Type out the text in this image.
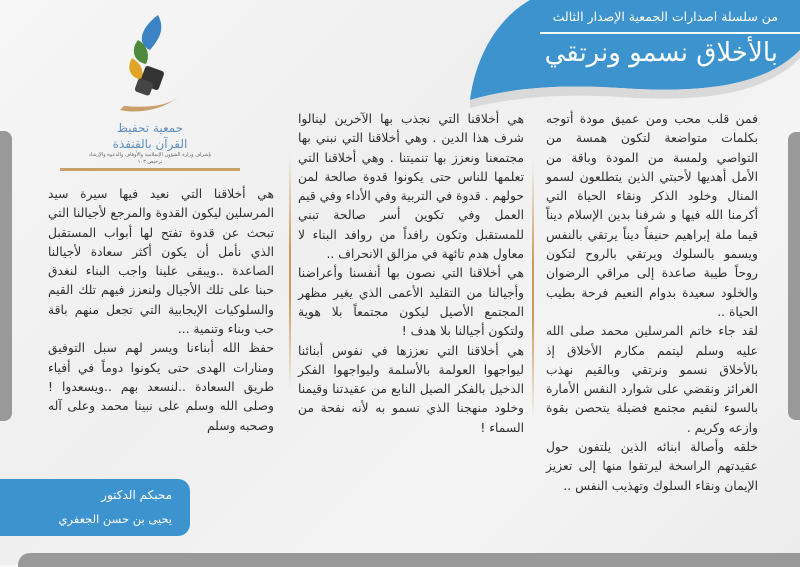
من سلسلة اصدارات الجمعية الإصدار الثالث
بالأخلاق نسمو ونرتقي
جمعية تحفيظ
القرآن بالقنفذة
بإشراف وزارة الشؤون الإسلامية والأوقاف والدعوة والإرشاد
ترخيص ١٠٣

فمن قلب محب ومن عميق مودة أتوجه بكلمات متواضعة لتكون همسة من التواصي ولمسة من المودة وباقة من الأمل أهديها لأحبتي الذين يتطلعون لسمو المنال وخلود الذكر ونقاء الحياة التي أكرمنا الله فيها و شرفنا بدين الإسلام ديناً قيما ملة إبراهيم حنيفاً ديناً يرتقي بالنفس ويسمو بالسلوك ويرتقي بالروح لتكون روحاً طيبة صاعدة إلى مراقي الرضوان والخلود سعيدة بدوام النعيم فرحة بطيب الحياة ..

لقد جاء خاتم المرسلين محمد صلى الله عليه وسلم ليتمم مكارم الأخلاق إذ بالأخلاق نسمو ونرتقي وبالقيم نهذب الغرائز ونقضي على شوارد النفس الأمارة بالسوء لنقيم مجتمع فضيلة يتحصن بقوة وازعه وكريم .

خلقه وأصالة ابنائه الذين يلتفون حول عقيدتهم الراسخة ليرتقوا منها إلى تعزيز الإيمان ونقاء السلوك وتهذيب النفس ..

هي أخلاقنا التي نجذب بها الآخرين لينالوا شرف هذا الدين . وهي أخلاقنا التي نبني بها مجتمعنا ونعزز بها تنميتنا . وهي أخلاقنا التي تعلمها للناس حتى يكونوا قدوة صالحة لمن حولهم . قدوة في التربية وفي الأداء وفي قيم العمل وفي تكوين أسر صالحة تبني للمستقبل وتكون رافداً من روافد البناء لا معاول هدم تائهة في مزالق الانحراف ..

هي أخلاقنا التي نصون بها أنفسنا وأعراضنا وأجيالنا من التقليد الأعمى الذي يغير مظهر المجتمع الأصيل ليكون مجتمعاً بلا هوية ولتكون أجيالنا بلا هدف !

هي أخلاقنا التي نعززها في نفوس أبنائنا ليواجهوا العولمة بالأسلمة وليواجهوا الفكر الدخيل بالفكر الصيل النابع من عقيدتنا وقيمنا وخلود منهجنا الذي نسمو به لأنه نفحة من السماء !

هي أخلاقنا التي نعيد فيها سيرة سيد المرسلين ليكون القدوة والمرجع لأجيالنا التي تبحث عن قدوة تفتح لها أبواب المستقبل الذي نأمل أن يكون أكثر سعادة لأجيالنا الصاعدة ..ويبقى علينا واجب البناء لنغدق حبنا على تلك الأجيال ولنعزز فيهم تلك القيم والسلوكيات الإيجابية التي تجعل منهم باقة حب وبناء وتنمية ...

حفظ الله أبناءنا ويسر لهم سبل التوفيق ومنارات الهدى حتى يكونوا دوماً في أفياء طريق السعادة ..لنسعد بهم ..ويسعدوا ! وصلى الله وسلم على نبينا محمد وعلى آله وصحبه وسلم

محبكم الدكتور
يحيى بن حسن الجعفري
